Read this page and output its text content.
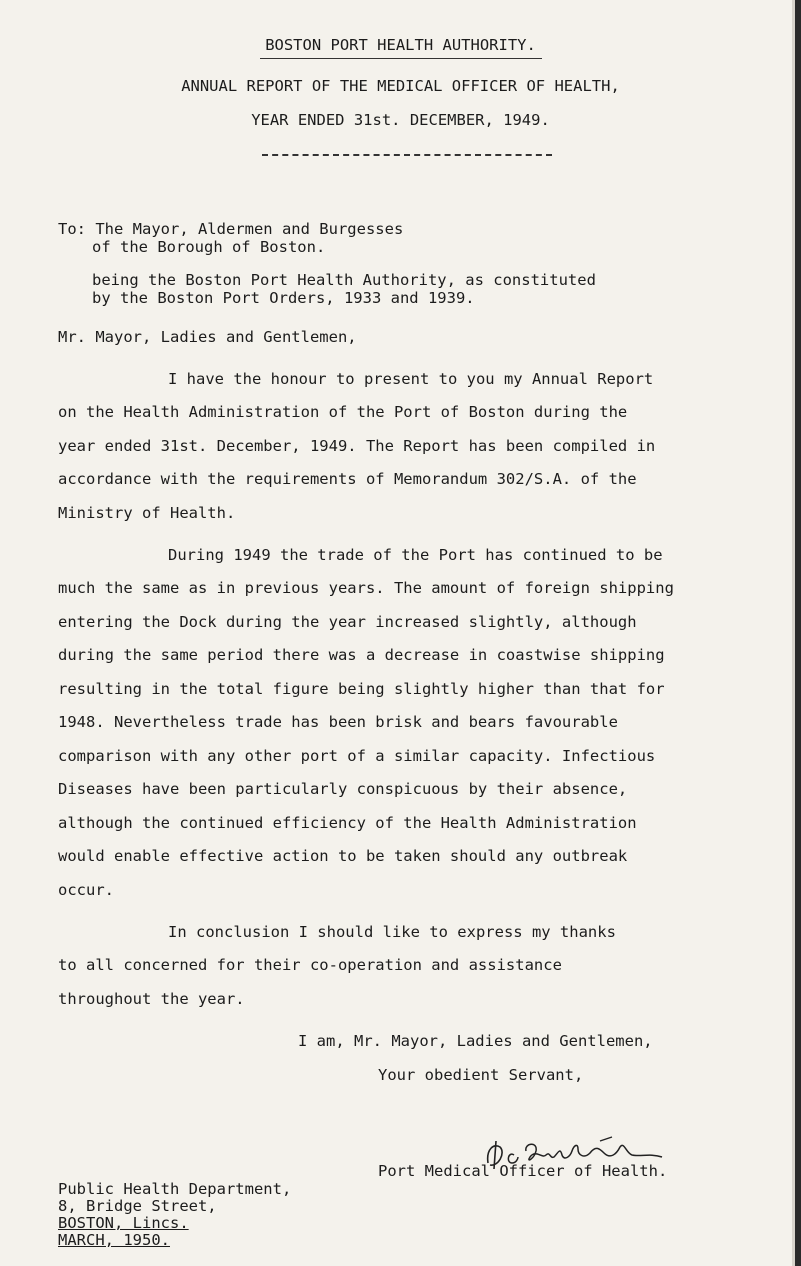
BOSTON PORT HEALTH AUTHORITY.
ANNUAL REPORT OF THE MEDICAL OFFICER OF HEALTH,
YEAR ENDED 31st. DECEMBER, 1949.
To: The Mayor, Aldermen and Burgesses
of the Borough of Boston.
being the Boston Port Health Authority, as constituted
by the Boston Port Orders, 1933 and 1939.
Mr. Mayor, Ladies and Gentlemen,
I have the honour to present to you my Annual Report
on the Health Administration of the Port of Boston during the
year ended 31st. December, 1949. The Report has been compiled in
accordance with the requirements of Memorandum 302/S.A. of the
Ministry of Health.
During 1949 the trade of the Port has continued to be
much the same as in previous years. The amount of foreign shipping
entering the Dock during the year increased slightly, although
during the same period there was a decrease in coastwise shipping
resulting in the total figure being slightly higher than that for
1948. Nevertheless trade has been brisk and bears favourable
comparison with any other port of a similar capacity. Infectious
Diseases have been particularly conspicuous by their absence,
although the continued efficiency of the Health Administration
would enable effective action to be taken should any outbreak
occur.
In conclusion I should like to express my thanks
to all concerned for their co-operation and assistance
throughout the year.
I am, Mr. Mayor, Ladies and Gentlemen,
Your obedient Servant,
Port Medical Officer of Health.
Public Health Department,
8, Bridge Street,
BOSTON, Lincs.
MARCH, 1950.
